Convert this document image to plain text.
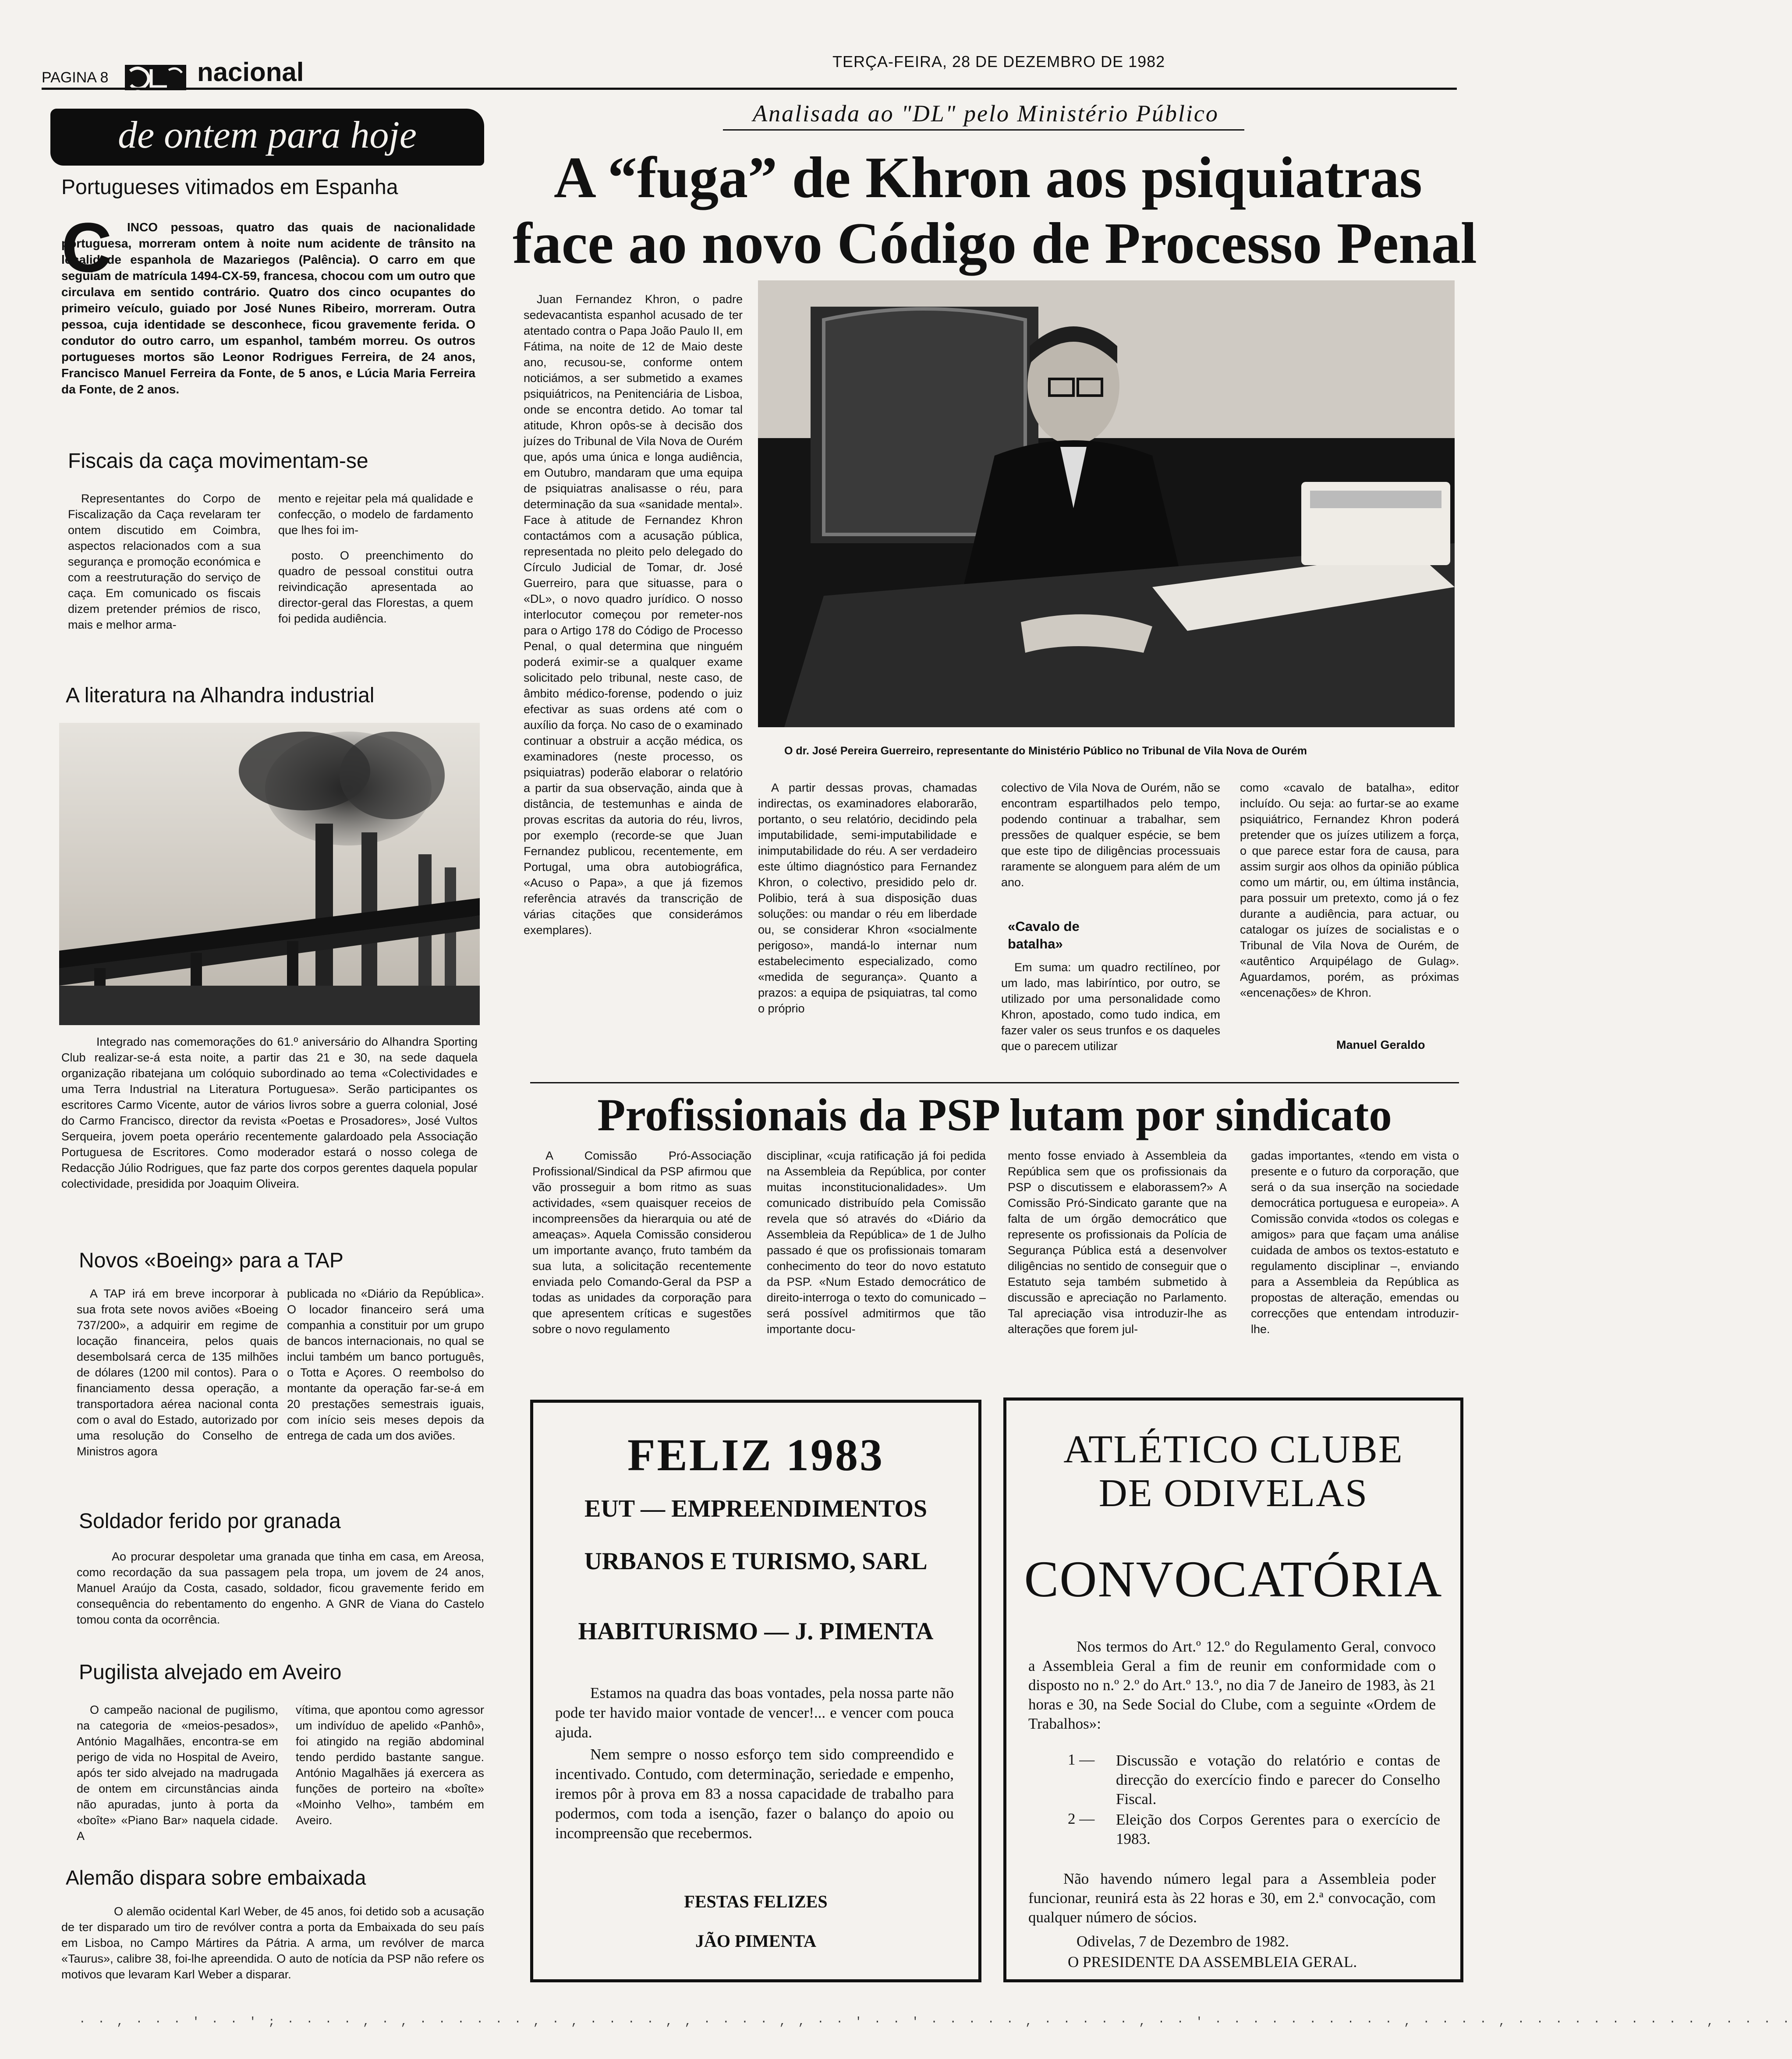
PAGINA 8	nacional	TERÇA-FEIRA, 28 DE DEZEMBRO DE 1982
de ontem para hoje
Portugueses vitimados em Espanha
C	INCO pessoas, quatro das quais de nacionalidade portuguesa, morreram ontem à noite num acidente de trânsito na localidade espanhola de Mazariegos (Palência). O carro em que seguiam de matrícula 1494-CX-59, francesa, chocou com um outro que circulava em sentido contrário. Quatro dos cinco ocupantes do primeiro veículo, guiado por José Nunes Ribeiro, morreram. Outra pessoa, cuja identidade se desconhece, ficou gravemente ferida. O condutor do outro carro, um espanhol, também morreu. Os outros portugueses mortos são Leonor Rodrigues Ferreira, de 24 anos, Francisco Manuel Ferreira da Fonte, de 5 anos, e Lúcia Maria Ferreira da Fonte, de 2 anos.
Fiscais da caça movimentam-se
Representantes do Corpo de Fiscalização da Caça revelaram ter ontem discutido em Coimbra, aspectos relacionados com a sua segurança e promoção económica e com a reestruturação do serviço de caça. Em comunicado os fiscais dizem pretender prémios de risco, mais e melhor arma-
mento e rejeitar pela má qualidade e confecção, o modelo de fardamento que lhes foi im-
posto. O preenchimento do quadro de pessoal constitui outra reivindicação apresentada ao director-geral das Florestas, a quem foi pedida audiência.
A literatura na Alhandra industrial
Integrado nas comemorações do 61.º aniversário do Alhandra Sporting Club realizar-se-á esta noite, a partir das 21 e 30, na sede daquela organização ribatejana um colóquio subordinado ao tema «Colectividades e uma Terra Industrial na Literatura Portuguesa». Serão participantes os escritores Carmo Vicente, autor de vários livros sobre a guerra colonial, José do Carmo Francisco, director da revista «Poetas e Prosadores», José Vultos Serqueira, jovem poeta operário recentemente galardoado pela Associação Portuguesa de Escritores. Como moderador estará o nosso colega de Redacção Júlio Rodrigues, que faz parte dos corpos gerentes daquela popular colectividade, presidida por Joaquim Oliveira.
Novos «Boeing» para a TAP
A TAP irá em breve incorporar à sua frota sete novos aviões «Boeing 737/200», a adquirir em regime de locação financeira, pelos quais desembolsará cerca de 135 milhões de dólares (1200 mil contos). Para o financiamento dessa operação, a transportadora aérea nacional conta com o aval do Estado, autorizado por uma resolução do Conselho de Ministros agora
publicada no «Diário da República». O locador financeiro será uma companhia a constituir por um grupo de bancos internacionais, no qual se inclui também um banco português, o Totta e Açores. O reembolso do montante da operação far-se-á em 20 prestações semestrais iguais, com início seis meses depois da entrega de cada um dos aviões.
Soldador ferido por granada
Ao procurar despoletar uma granada que tinha em casa, em Areosa, como recordação da sua passagem pela tropa, um jovem de 24 anos, Manuel Araújo da Costa, casado, soldador, ficou gravemente ferido em consequência do rebentamento do engenho. A GNR de Viana do Castelo tomou conta da ocorrência.
Pugilista alvejado em Aveiro
O campeão nacional de pugilismo, na categoria de «meios-pesados», António Magalhães, encontra-se em perigo de vida no Hospital de Aveiro, após ter sido alvejado na madrugada de ontem em circunstâncias ainda não apuradas, junto à porta da «boîte» «Piano Bar» naquela cidade. A
vítima, que apontou como agressor um indivíduo de apelido «Panhô», foi atingido na região abdominal tendo perdido bastante sangue. António Magalhães já exercera as funções de porteiro na «boîte» «Moinho Velho», também em Aveiro.
Alemão dispara sobre embaixada
O alemão ocidental Karl Weber, de 45 anos, foi detido sob a acusação de ter disparado um tiro de revólver contra a porta da Embaixada do seu país em Lisboa, no Campo Mártires da Pátria. A arma, um revólver de marca «Taurus», calibre 38, foi-lhe apreendida. O auto de notícia da PSP não refere os motivos que levaram Karl Weber a disparar.
Analisada ao "DL" pelo Ministério Público
A “fuga” de Khron aos psiquiatras
face ao novo Código de Processo Penal
Juan Fernandez Khron, o padre sedevacantista espanhol acusado de ter atentado contra o Papa João Paulo II, em Fátima, na noite de 12 de Maio deste ano, recusou-se, conforme ontem noticiámos, a ser submetido a exames psiquiátricos, na Penitenciária de Lisboa, onde se encontra detido. Ao tomar tal atitude, Khron opôs-se à decisão dos juízes do Tribunal de Vila Nova de Ourém que, após uma única e longa audiência, em Outubro, mandaram que uma equipa de psiquiatras analisasse o réu, para determinação da sua «sanidade mental». Face à atitude de Fernandez Khron contactámos com a acusação pública, representada no pleito pelo delegado do Círculo Judicial de Tomar, dr. José Guerreiro, para que situasse, para o «DL», o novo quadro jurídico. O nosso interlocutor começou por remeter-nos para o Artigo 178 do Código de Processo Penal, o qual determina que ninguém poderá eximir-se a qualquer exame solicitado pelo tribunal, neste caso, de âmbito médico-forense, podendo o juiz efectivar as suas ordens até com o auxílio da força. No caso de o examinado continuar a obstruir a acção médica, os examinadores (neste processo, os psiquiatras) poderão elaborar o relatório a partir da sua observação, ainda que à distância, de testemunhas e ainda de provas escritas da autoria do réu, livros, por exemplo (recorde-se que Juan Fernandez publicou, recentemente, em Portugal, uma obra autobiográfica, «Acuso o Papa», a que já fizemos referência através da transcrição de várias citações que considerámos exemplares).
O dr. José Pereira Guerreiro, representante do Ministério Público no Tribunal de Vila Nova de Ourém
A partir dessas provas, chamadas indirectas, os examinadores elaborarão, portanto, o seu relatório, decidindo pela imputabilidade, semi-imputabilidade e inimputabilidade do réu. A ser verdadeiro este último diagnóstico para Fernandez Khron, o colectivo, presidido pelo dr. Polibio, terá à sua disposição duas soluções: ou mandar o réu em liberdade ou, se considerar Khron «socialmente perigoso», mandá-lo internar num estabelecimento especializado, como «medida de segurança». Quanto a prazos: a equipa de psiquiatras, tal como o próprio
colectivo de Vila Nova de Ourém, não se encontram espartilhados pelo tempo, podendo continuar a trabalhar, sem pressões de qualquer espécie, se bem que este tipo de diligências processuais raramente se alonguem para além de um ano.
«Cavalo de batalha»
Em suma: um quadro rectilíneo, por um lado, mas labiríntico, por outro, se utilizado por uma personalidade como Khron, apostado, como tudo indica, em fazer valer os seus trunfos e os daqueles que o parecem utilizar
como «cavalo de batalha», editor incluído. Ou seja: ao furtar-se ao exame psiquiátrico, Fernandez Khron poderá pretender que os juízes utilizem a força, o que parece estar fora de causa, para assim surgir aos olhos da opinião pública como um mártir, ou, em última instância, para possuir um pretexto, como já o fez durante a audiência, para actuar, ou catalogar os juízes de socialistas e o Tribunal de Vila Nova de Ourém, de «autêntico Arquipélago de Gulag». Aguardamos, porém, as próximas «encenações» de Khron.
Manuel Geraldo
Profissionais da PSP lutam por sindicato
A Comissão Pró-Associação Profissional/Sindical da PSP afirmou que vão prosseguir a bom ritmo as suas actividades, «sem quaisquer receios de incompreensões da hierarquia ou até de ameaças». Aquela Comissão considerou um importante avanço, fruto também da sua luta, a solicitação recentemente enviada pelo Comando-Geral da PSP a todas as unidades da corporação para que apresentem críticas e sugestões sobre o novo regulamento
disciplinar, «cuja ratificação já foi pedida na Assembleia da República, por conter muitas inconstitucionalidades». Um comunicado distribuído pela Comissão revela que só através do «Diário da Assembleia da República» de 1 de Julho passado é que os profissionais tomaram conhecimento do teor do novo estatuto da PSP. «Num Estado democrático de direito-interroga o texto do comunicado – será possível admitirmos que tão importante docu-
mento fosse enviado à Assembleia da República sem que os profissionais da PSP o discutissem e elaborassem?» A Comissão Pró-Sindicato garante que na falta de um órgão democrático que represente os profissionais da Polícia de Segurança Pública está a desenvolver diligências no sentido de conseguir que o Estatuto seja também submetido à discussão e apreciação no Parlamento. Tal apreciação visa introduzir-lhe as alterações que forem jul-
gadas importantes, «tendo em vista o presente e o futuro da corporação, que será o da sua inserção na sociedade democrática portuguesa e europeia». A Comissão convida «todos os colegas e amigos» para que façam uma análise cuidada de ambos os textos-estatuto e regulamento disciplinar –, enviando para a Assembleia da República as propostas de alteração, emendas ou correcções que entendam introduzir-lhe.
FELIZ 1983
EUT — EMPREENDIMENTOS
URBANOS E TURISMO, SARL
HABITURISMO — J. PIMENTA
Estamos na quadra das boas vontades, pela nossa parte não pode ter havido maior vontade de vencer!... e vencer com pouca ajuda.
Nem sempre o nosso esforço tem sido compreendido e incentivado. Contudo, com determinação, seriedade e empenho, iremos pôr à prova em 83 a nossa capacidade de trabalho para podermos, com toda a isenção, fazer o balanço do apoio ou incompreensão que recebermos.
FESTAS FELIZES
JÃO PIMENTA
ATLÉTICO CLUBE
DE ODIVELAS
CONVOCATÓRIA
Nos termos do Art.º 12.º do Regulamento Geral, convoco a Assembleia Geral a fim de reunir em conformidade com o disposto no n.º 2.º do Art.º 13.º, no dia 7 de Janeiro de 1983, às 21 horas e 30, na Sede Social do Clube, com a seguinte «Ordem de Trabalhos»:
1 — Discussão e votação do relatório e contas de direcção do exercício findo e parecer do Conselho Fiscal.
2 — Eleição dos Corpos Gerentes para o exercício de 1983.
Não havendo número legal para a Assembleia poder funcionar, reunirá esta às 22 horas e 30, em 2.ª convocação, com qualquer número de sócios.
Odivelas, 7 de Dezembro de 1982.
O PRESIDENTE DA ASSEMBLEIA GERAL.
· · , · · · ' · · ' ; · · · · , · , · · · · · · , · , · · · · , , · · · · , , · · ' · · ' · · · · · , · · · · · , · · ' · · · · · · · · · · , · · · · , · · · · · · · · · · , · · · ·
